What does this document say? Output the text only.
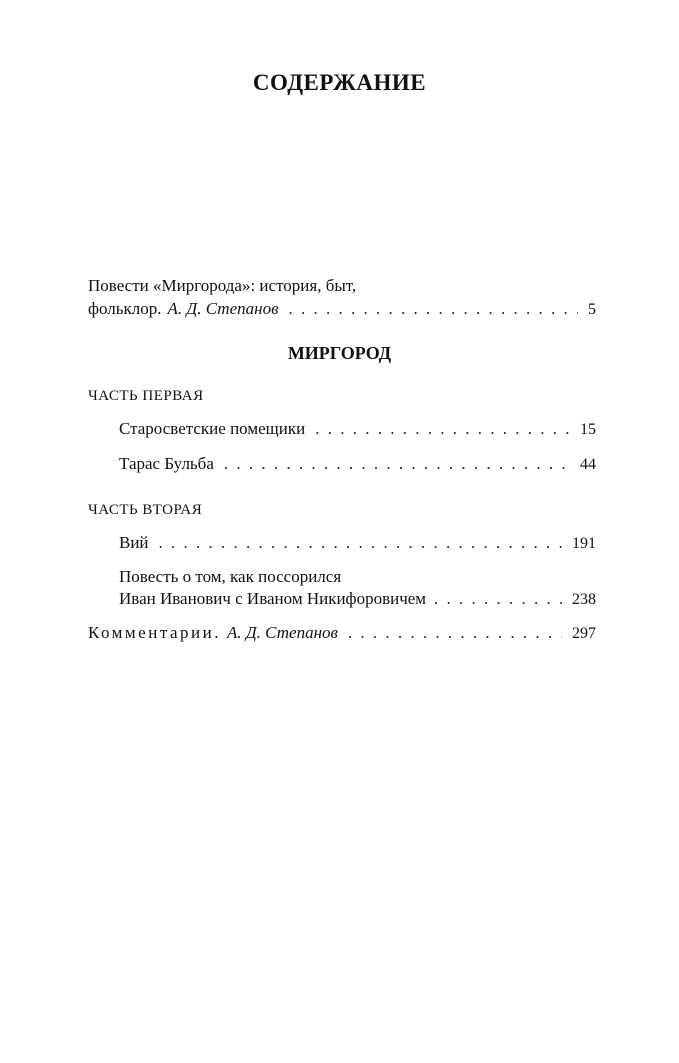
СОДЕРЖАНИЕ
Повести «Миргорода»: история, быт,
фольклор. А. Д. Степанов . . .	5
МИРГОРОД
ЧАСТЬ ПЕРВАЯ
Старосветские помещики . . .	15
Тарас Бульба . . .	44
ЧАСТЬ ВТОРАЯ
Вий . . .	191
Повесть о том, как поссорился
Иван Иванович с Иваном Никифоровичем . . .	238
Комментарии. А. Д. Степанов . . .	297
